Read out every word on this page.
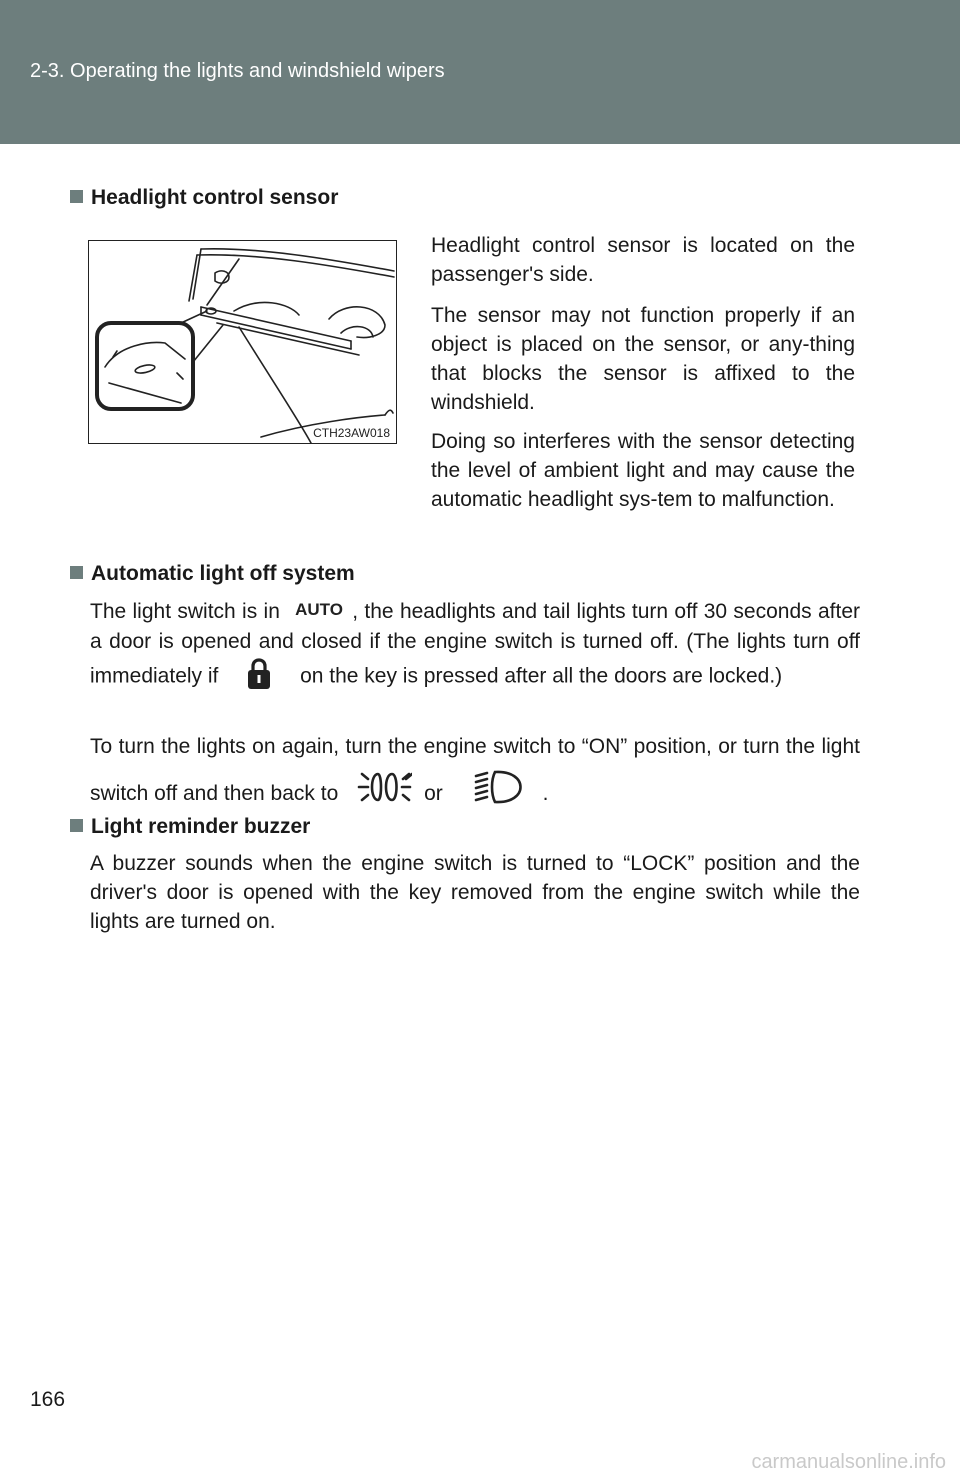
2-3. Operating the lights and windshield wipers
Headlight control sensor
CTH23AW018

Headlight control sensor is located on the passenger's side.

The sensor may not function properly if an object is placed on the sensor, or any-thing that blocks the sensor is affixed to the windshield.

Doing so interferes with the sensor detecting the level of ambient light and may cause the automatic headlight sys-tem to malfunction.

Automatic light off system

The light switch is in AUTO , the headlights and tail lights turn off 30 seconds after a door is opened and closed if the engine switch is turned off. (The lights turn off immediately if	on the key is pressed after all the doors are locked.)

To turn the lights on again, turn the engine switch to “ON” position, or turn the light switch off and then back to	or	.

Light reminder buzzer

A buzzer sounds when the engine switch is turned to “LOCK” position and the driver's door is opened with the key removed from the engine switch while the lights are turned on.

166
carmanualsonline.info
